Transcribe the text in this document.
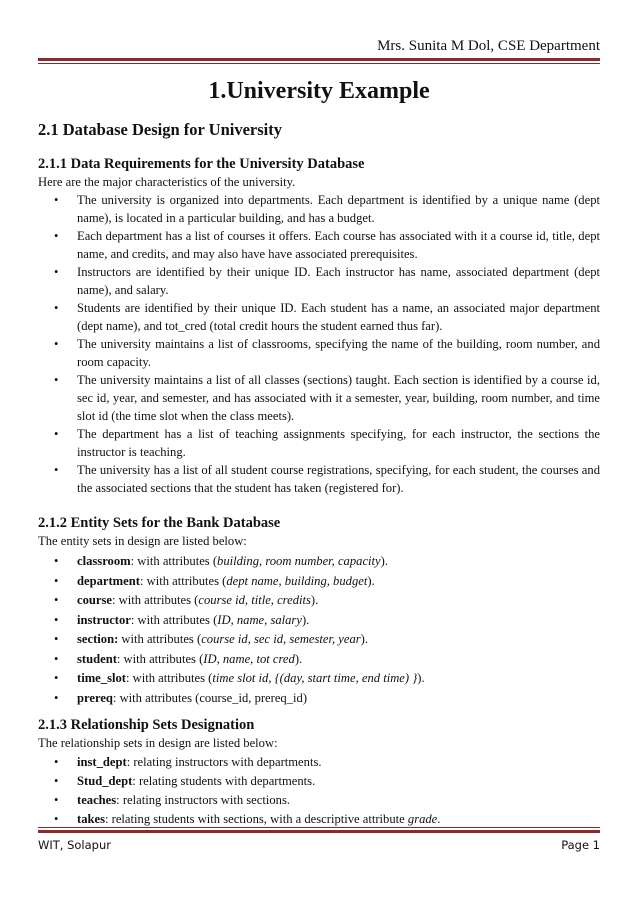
Mrs. Sunita M Dol, CSE Department
1.University Example
2.1 Database Design for University
2.1.1 Data Requirements for the University Database
Here are the major characteristics of the university.
• The university is organized into departments. Each department is identified by a unique name (dept name), is located in a particular building, and has a budget.
• Each department has a list of courses it offers. Each course has associated with it a course id, title, dept name, and credits, and may also have have associated prerequisites.
• Instructors are identified by their unique ID. Each instructor has name, associated department (dept name), and salary.
• Students are identified by their unique ID. Each student has a name, an associated major department (dept name), and tot_cred (total credit hours the student earned thus far).
• The university maintains a list of classrooms, specifying the name of the building, room number, and room capacity.
• The university maintains a list of all classes (sections) taught. Each section is identified by a course id, sec id, year, and semester, and has associated with it a semester, year, building, room number, and time slot id (the time slot when the class meets).
• The department has a list of teaching assignments specifying, for each instructor, the sections the instructor is teaching.
• The university has a list of all student course registrations, specifying, for each student, the courses and the associated sections that the student has taken (registered for).
2.1.2 Entity Sets for the Bank Database
The entity sets in design are listed below:
• classroom: with attributes (building, room number, capacity).
• department: with attributes (dept name, building, budget).
• course: with attributes (course id, title, credits).
• instructor: with attributes (ID, name, salary).
• section: with attributes (course id, sec id, semester, year).
• student: with attributes (ID, name, tot cred).
• time_slot: with attributes (time slot id, {(day, start time, end time) }).
• prereq: with attributes (course_id, prereq_id)
2.1.3 Relationship Sets Designation
The relationship sets in design are listed below:
• inst_dept: relating instructors with departments.
• Stud_dept: relating students with departments.
• teaches: relating instructors with sections.
• takes: relating students with sections, with a descriptive attribute grade.
WIT, Solapur	Page 1
